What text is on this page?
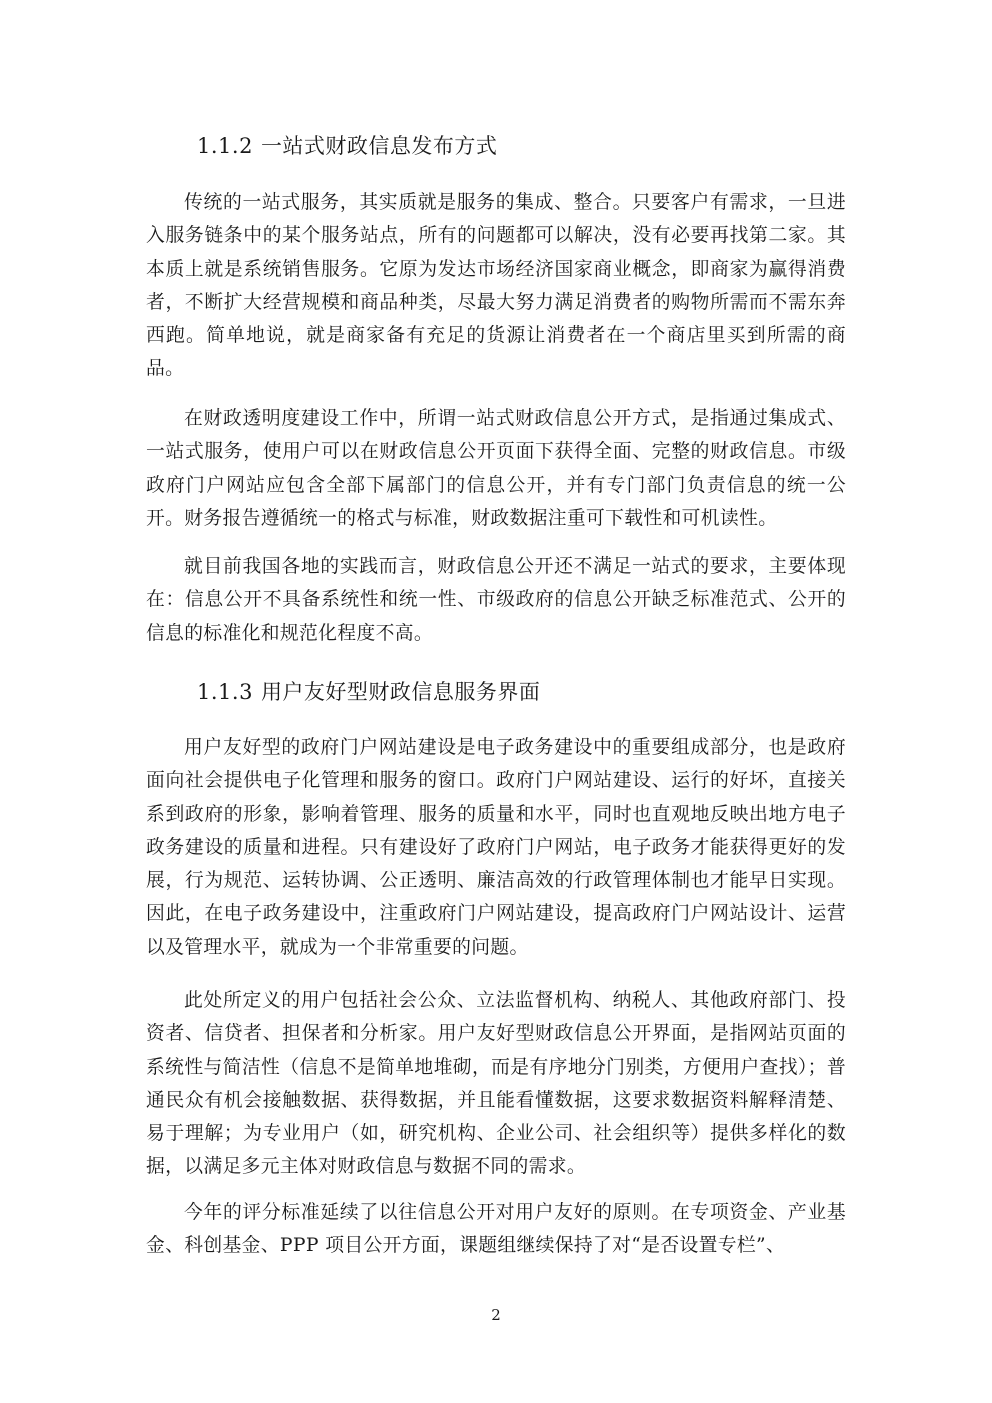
1.1.2 一站式财政信息发布方式

传统的一站式服务，其实质就是服务的集成、整合。只要客户有需求，一旦进入服务链条中的某个服务站点，所有的问题都可以解决，没有必要再找第二家。其本质上就是系统销售服务。它原为发达市场经济国家商业概念，即商家为赢得消费者，不断扩大经营规模和商品种类，尽最大努力满足消费者的购物所需而不需东奔西跑。简单地说，就是商家备有充足的货源让消费者在一个商店里买到所需的商品。

在财政透明度建设工作中，所谓一站式财政信息公开方式，是指通过集成式、一站式服务，使用户可以在财政信息公开页面下获得全面、完整的财政信息。市级政府门户网站应包含全部下属部门的信息公开，并有专门部门负责信息的统一公开。财务报告遵循统一的格式与标准，财政数据注重可下载性和可机读性。

就目前我国各地的实践而言，财政信息公开还不满足一站式的要求，主要体现在：信息公开不具备系统性和统一性、市级政府的信息公开缺乏标准范式、公开的信息的标准化和规范化程度不高。

1.1.3 用户友好型财政信息服务界面

用户友好型的政府门户网站建设是电子政务建设中的重要组成部分，也是政府面向社会提供电子化管理和服务的窗口。政府门户网站建设、运行的好坏，直接关系到政府的形象，影响着管理、服务的质量和水平，同时也直观地反映出地方电子政务建设的质量和进程。只有建设好了政府门户网站，电子政务才能获得更好的发展，行为规范、运转协调、公正透明、廉洁高效的行政管理体制也才能早日实现。因此，在电子政务建设中，注重政府门户网站建设，提高政府门户网站设计、运营以及管理水平，就成为一个非常重要的问题。

此处所定义的用户包括社会公众、立法监督机构、纳税人、其他政府部门、投资者、信贷者、担保者和分析家。用户友好型财政信息公开界面，是指网站页面的系统性与简洁性（信息不是简单地堆砌，而是有序地分门别类，方便用户查找）；普通民众有机会接触数据、获得数据，并且能看懂数据，这要求数据资料解释清楚、易于理解；为专业用户（如，研究机构、企业公司、社会组织等）提供多样化的数据，以满足多元主体对财政信息与数据不同的需求。

今年的评分标准延续了以往信息公开对用户友好的原则。在专项资金、产业基金、科创基金、PPP 项目公开方面，课题组继续保持了对“是否设置专栏”、

2
